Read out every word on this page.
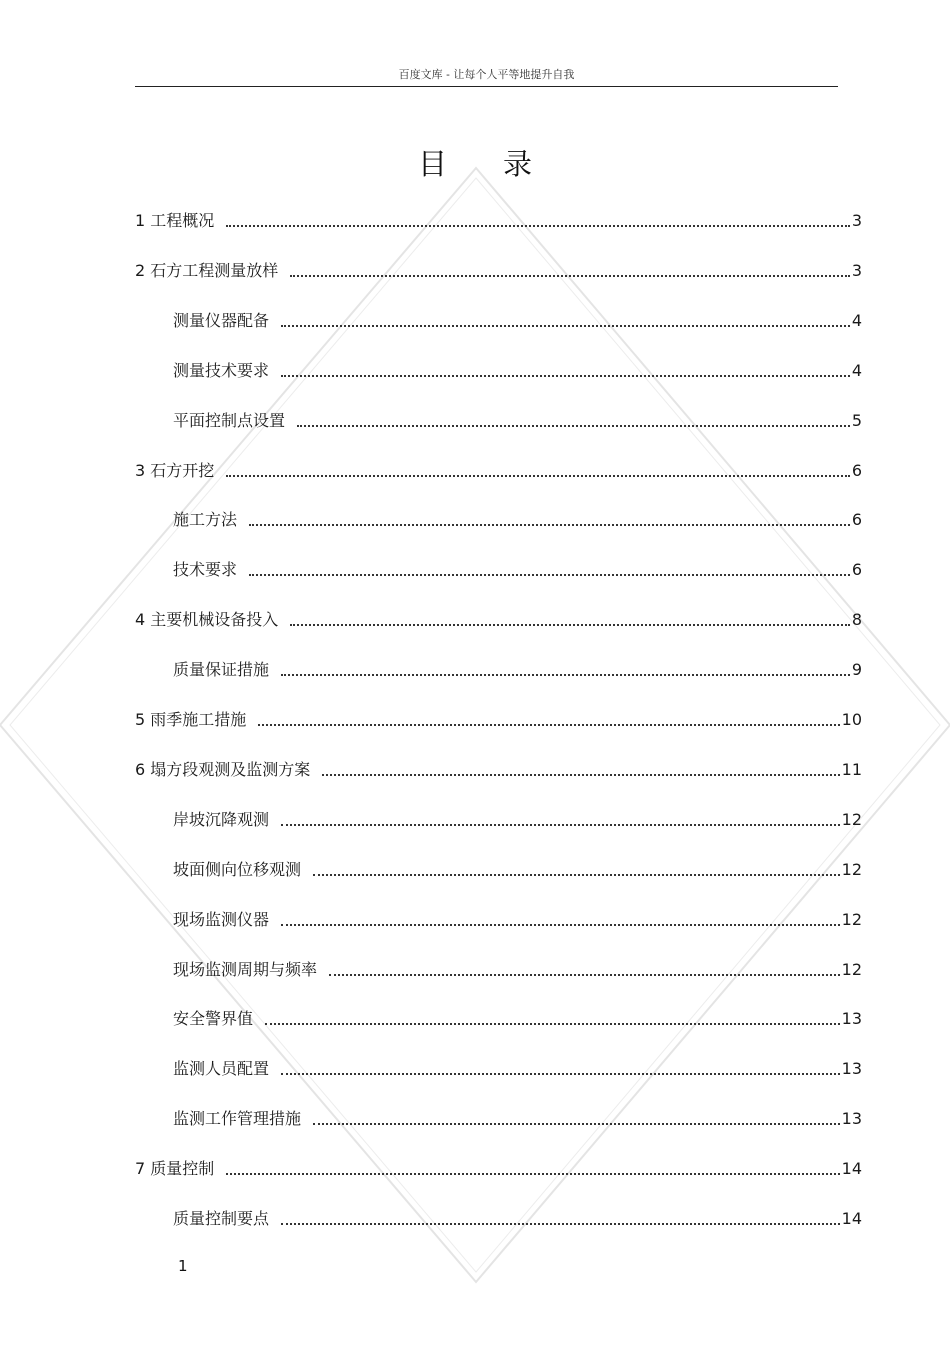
百度文库 - 让每个人平等地提升自我
目录
1 工程概况	3
2 石方工程测量放样	3
测量仪器配备	4
测量技术要求	4
平面控制点设置	5
3 石方开挖	6
施工方法	6
技术要求	6
4 主要机械设备投入	8
质量保证措施	9
5 雨季施工措施	10
6 塌方段观测及监测方案	11
岸坡沉降观测	12
坡面侧向位移观测	12
现场监测仪器	12
现场监测周期与频率	12
安全警界值	13
监测人员配置	13
监测工作管理措施	13
7 质量控制	14
质量控制要点	14
1
